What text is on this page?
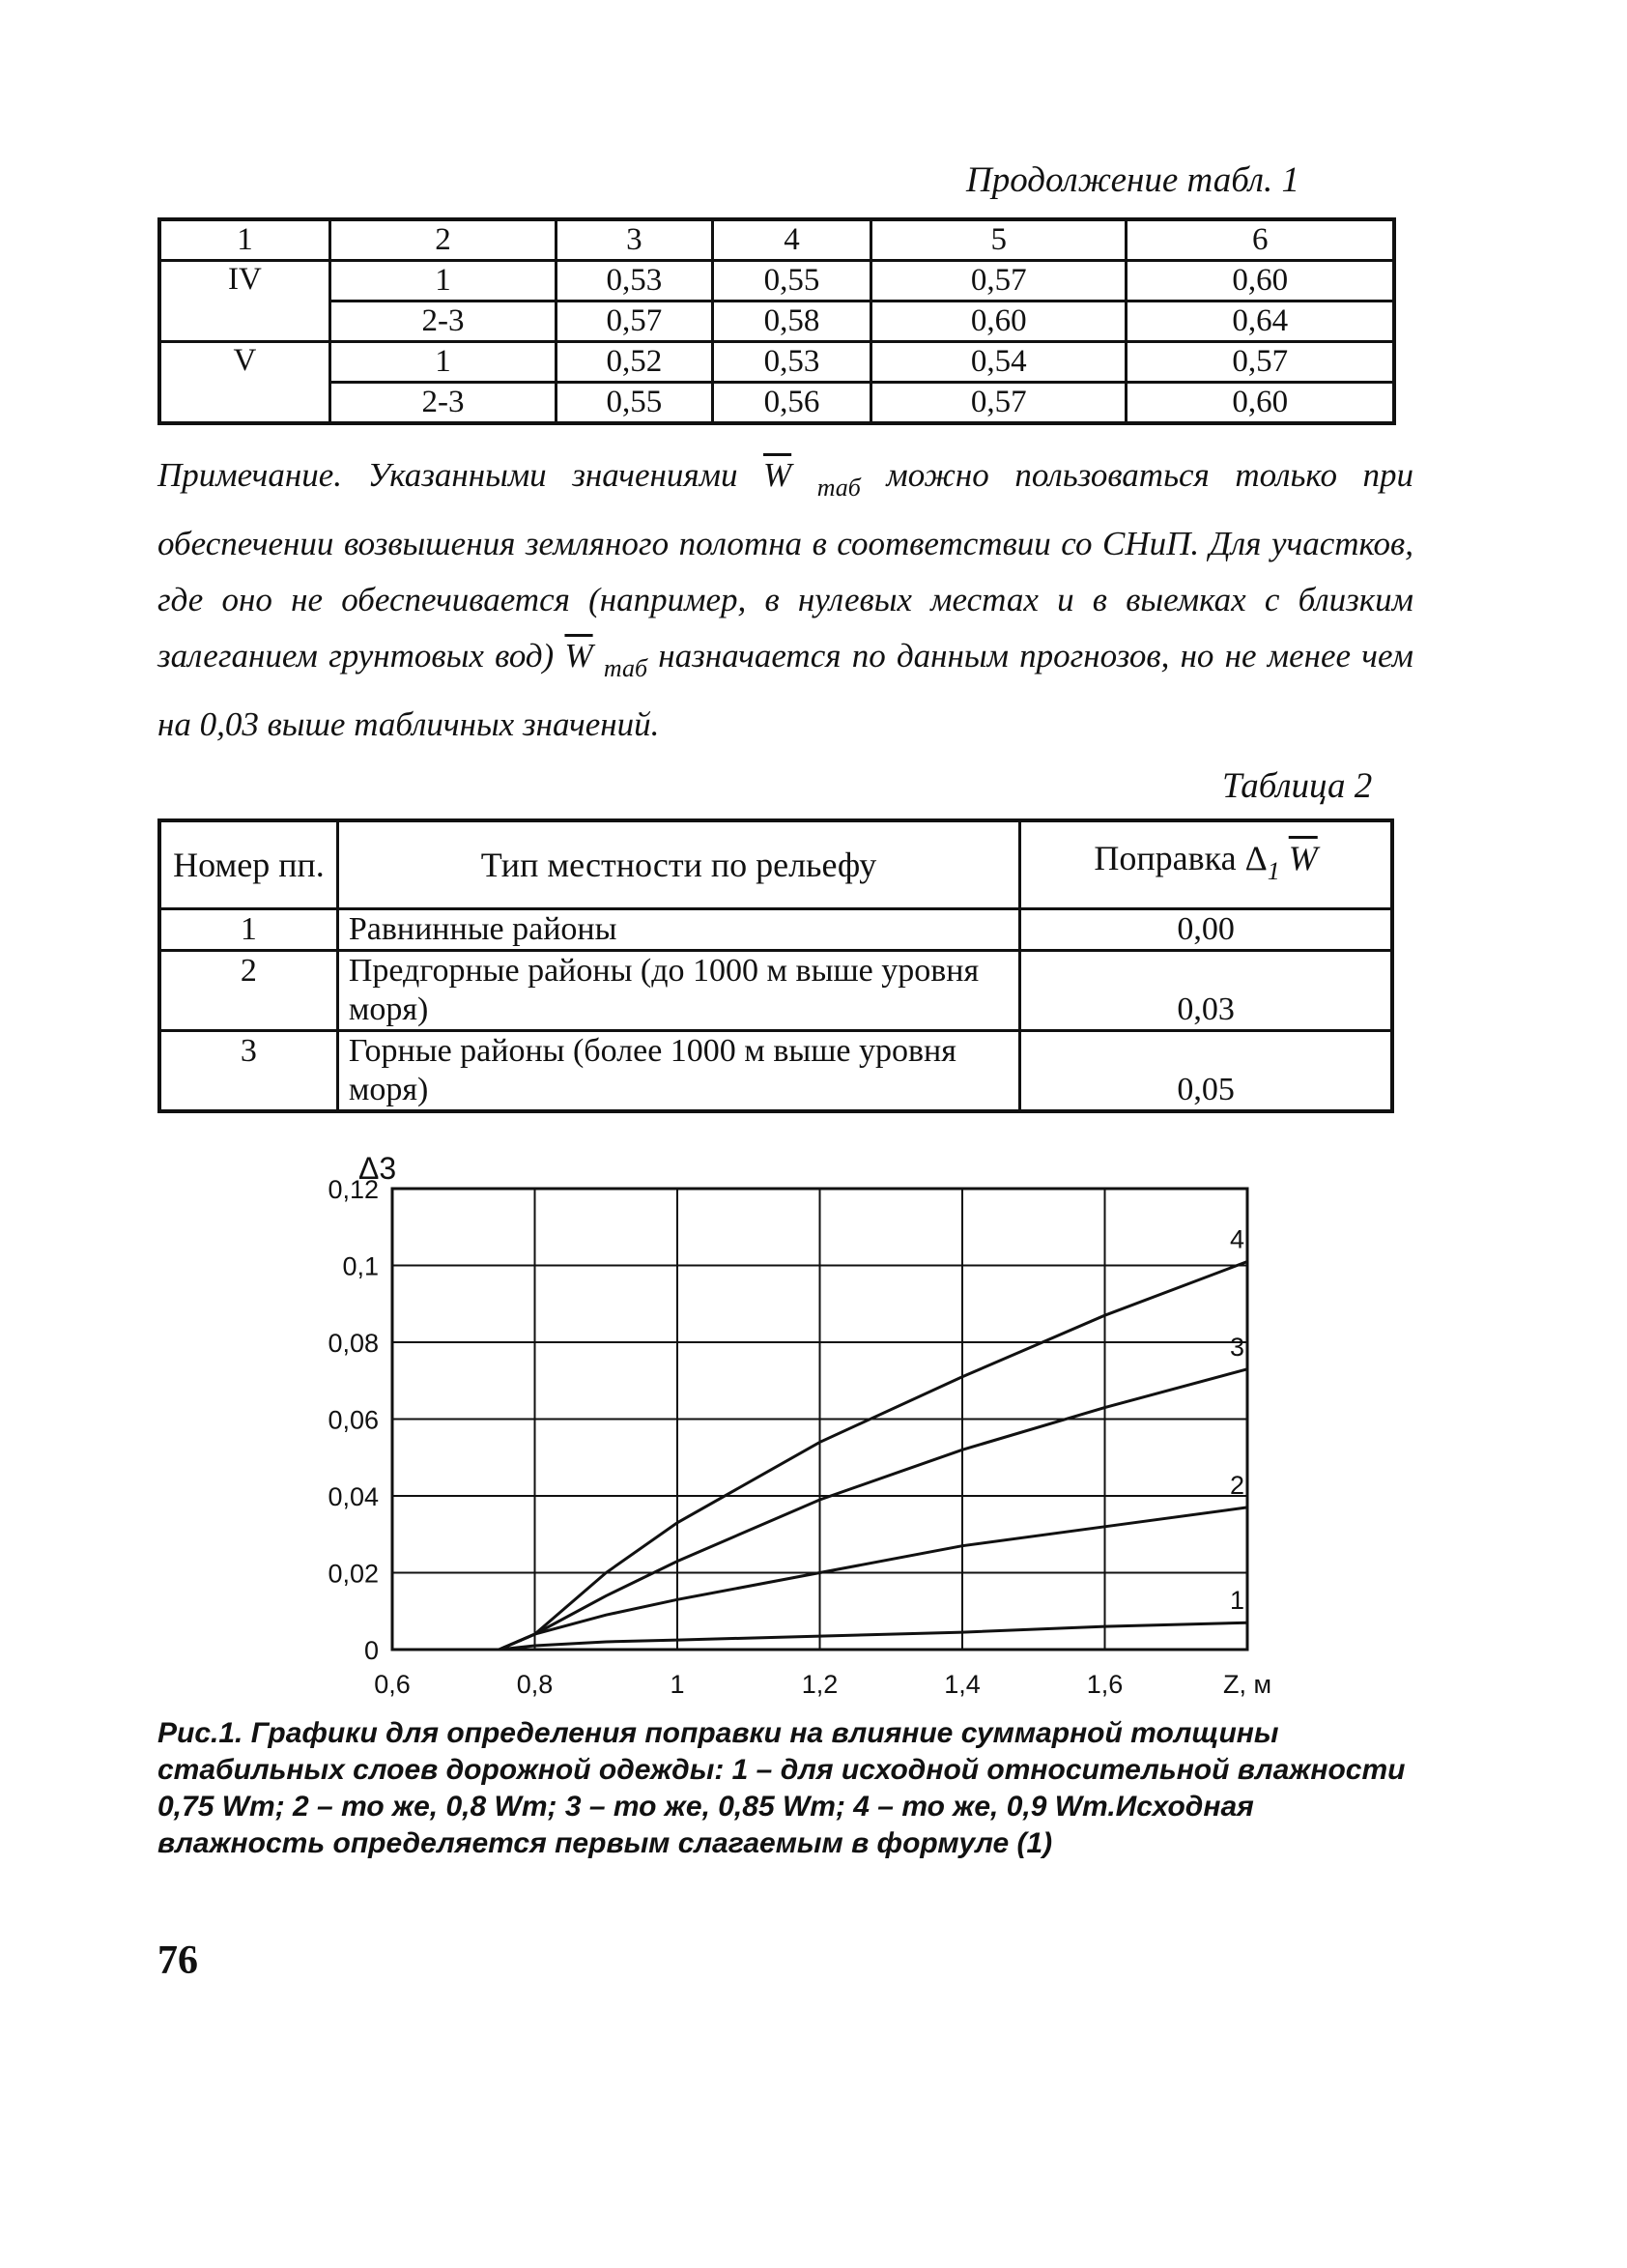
Продолжение табл. 1
1	2	3	4	5	6
IV	1	0,53	0,55	0,57	0,60
	2-3	0,57	0,58	0,60	0,64
V	1	0,52	0,53	0,54	0,57
	2-3	0,55	0,56	0,57	0,60

Примечание. Указанными значениями $\overline{W}$ $_{таб}$ можно пользоваться только при обеспечении возвышения земляного полотна в соответствии со СНиП. Для участков, где оно не обеспечивается (например, в нулевых местах и в выемках с близким залеганием грунтовых вод) $\overline{W}$ $_{таб}$ назначается по данным прогнозов, но не менее чем на 0,03 выше табличных значений.

Таблица 2
Номер пп.	Тип местности по рельефу	Поправка $\Delta_1$ $\overline{W}$
1	Равнинные районы	0,00
2	Предгорные районы (до 1000 м выше уровня моря)	0,03
3	Горные районы (более 1000 м выше уровня моря)	0,05
0
0,02
0,04
0,06
0,08
0,1
0,12
0,6	0,8	1	1,2	1,4	1,6	Z, м
Δ3
1
2
3
4
Рис.1. Графики для определения поправки на влияние суммарной толщины стабильных слоев дорожной одежды: 1 – для исходной относительной влажности 0,75 Wт; 2 – то же, 0,8 Wт; 3 – то же, 0,85 Wт; 4 – то же, 0,9 Wт.Исходная влажность определяется первым слагаемым в формуле (1)
76
